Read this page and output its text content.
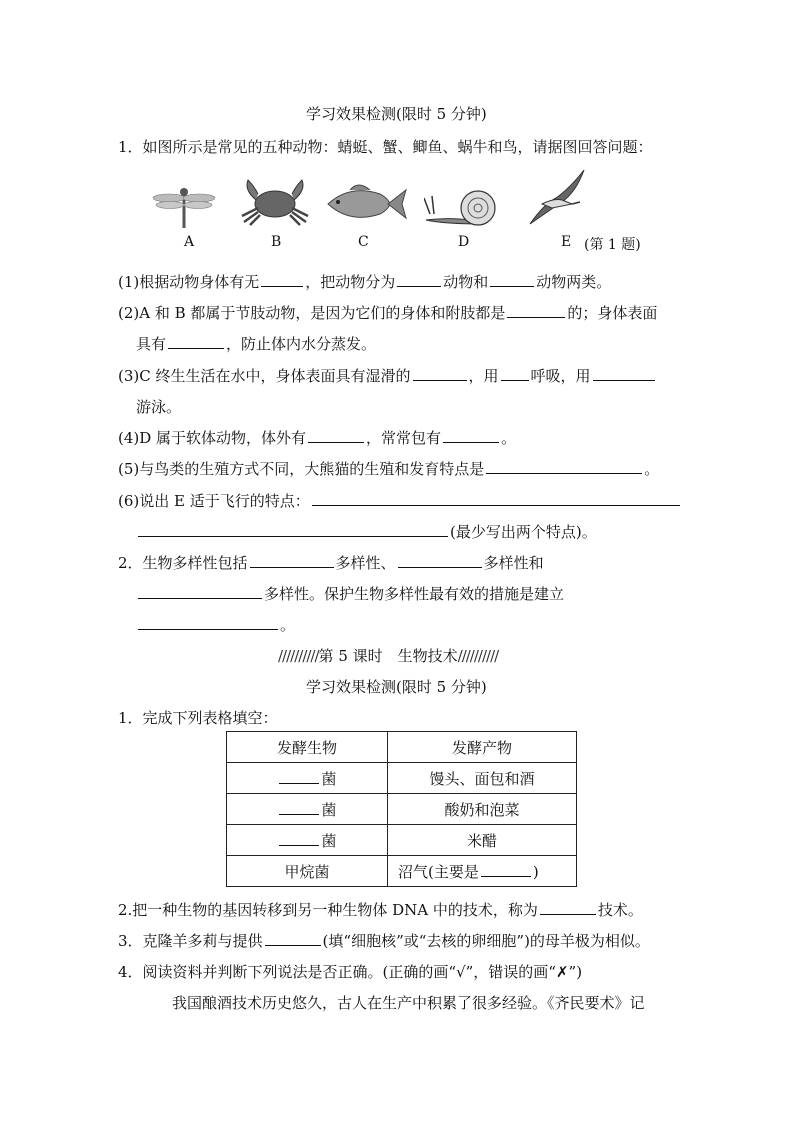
学习效果检测(限时 5 分钟)
1．如图所示是常见的五种动物：蜻蜓、蟹、鲫鱼、蜗牛和鸟，请据图回答问题：
A	B	C	D	E (第 1 题)
(1)根据动物身体有无	，把动物分为	动物和	动物两类。
(2)A 和 B 都属于节肢动物，是因为它们的身体和附肢都是	的；身体表面
具有	，防止体内水分蒸发。
(3)C 终生生活在水中，身体表面具有湿滑的	，用 呼吸，用
游泳。
(4)D 属于软体动物，体外有	，常常包有	。
(5)与鸟类的生殖方式不同，大熊猫的生殖和发育特点是	。
(6)说出 E 适于飞行的特点：
(最少写出两个特点)。
2．生物多样性包括	多样性、	多样性和
多样性。保护生物多样性最有效的措施是建立
。
//////////第 5 课时　生物技术//////////
学习效果检测(限时 5 分钟)
1．完成下列表格填空：
发酵生物	发酵产物
菌	馒头、面包和酒
菌	酸奶和泡菜
菌	米醋
甲烷菌	沼气(主要是 )
2.把一种生物的基因转移到另一种生物体 DNA 中的技术，称为	技术。
3．克隆羊多莉与提供	(填“细胞核”或“去核的卵细胞”)的母羊极为相似。
4．阅读资料并判断下列说法是否正确。(正确的画“√”，错误的画“✗”)
我国酿酒技术历史悠久，古人在生产中积累了很多经验。《齐民要术》记
